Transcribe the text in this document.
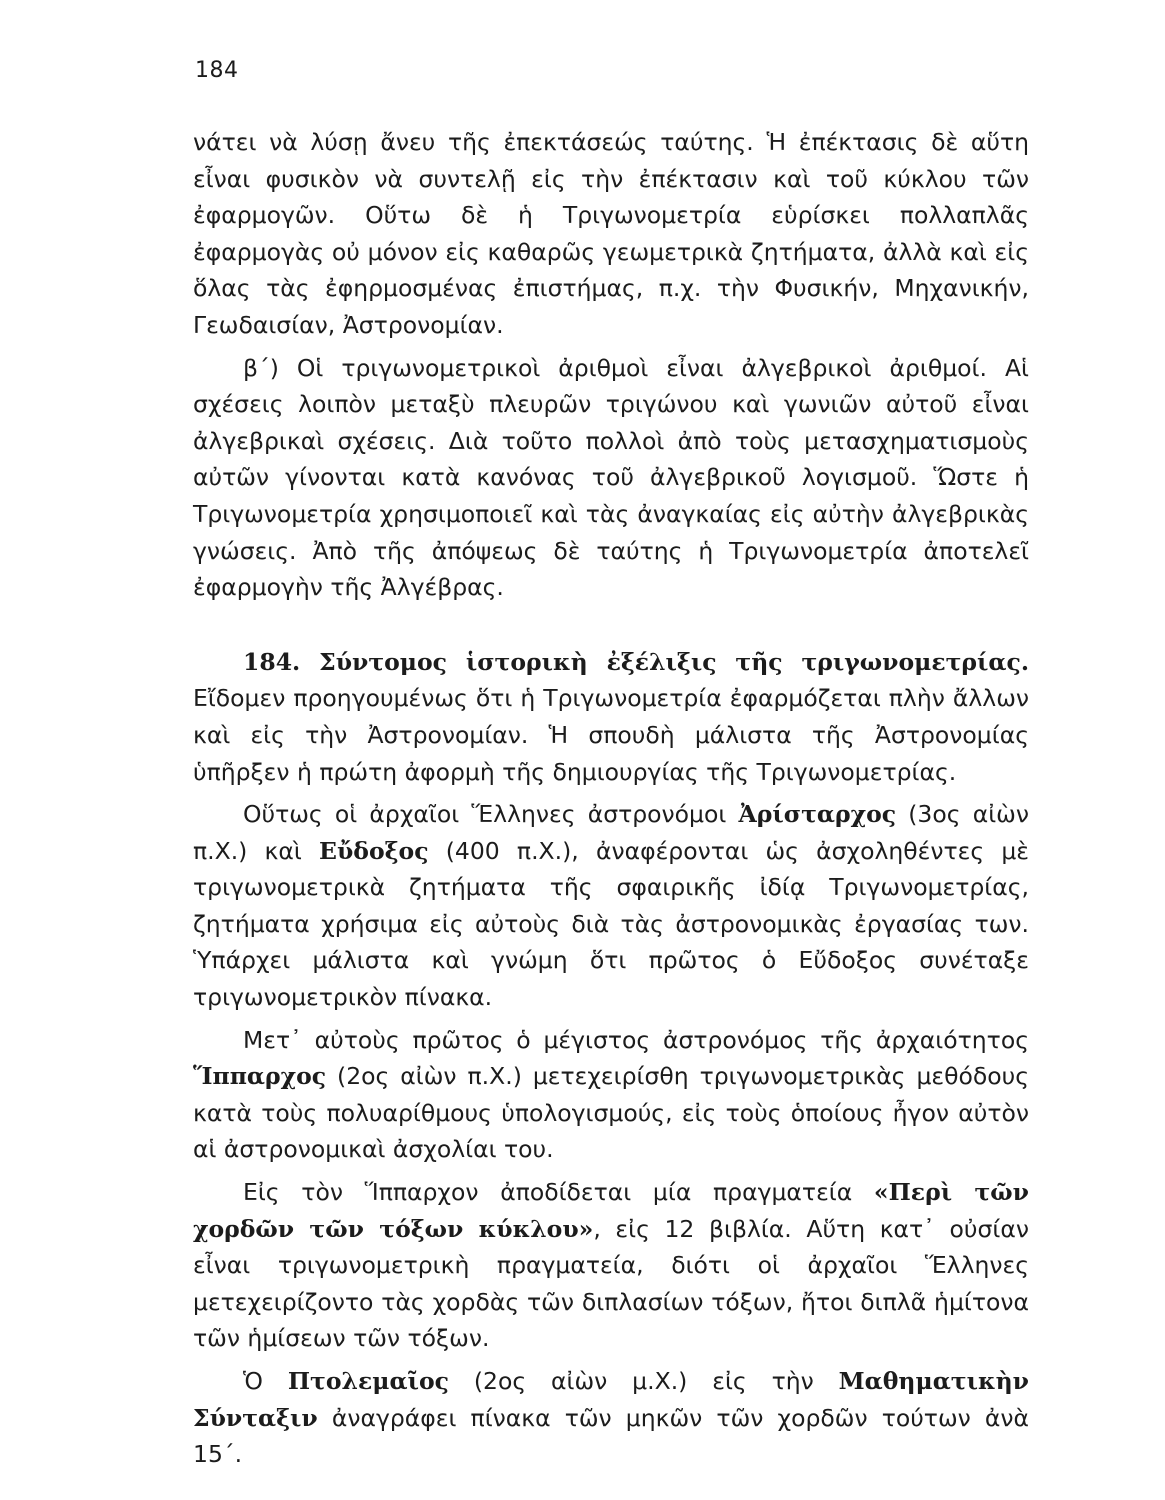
184

νάτει νὰ λύσῃ ἄνευ τῆς ἐπεκτάσεώς ταύτης. Ἡ ἐπέκτασις δὲ αὕτη εἶναι φυσικὸν νὰ συντελῇ εἰς τὴν ἐπέκτασιν καὶ τοῦ κύκλου τῶν ἐφαρμογῶν. Οὕτω δὲ ἡ Τριγωνομετρία εὑρίσκει πολλαπλᾶς ἐφαρμογὰς οὐ μόνον εἰς καθαρῶς γεωμετρικὰ ζητήματα, ἀλλὰ καὶ εἰς ὅλας τὰς ἐφηρμοσμένας ἐπιστήμας, π.χ. τὴν Φυσικήν, Μηχανικήν, Γεωδαισίαν, Ἀστρονομίαν.

β΄) Οἱ τριγωνομετρικοὶ ἀριθμοὶ εἶναι ἀλγεβρικοὶ ἀριθμοί. Αἱ σχέσεις λοιπὸν μεταξὺ πλευρῶν τριγώνου καὶ γωνιῶν αὐτοῦ εἶναι ἀλγεβρικαὶ σχέσεις. Διὰ τοῦτο πολλοὶ ἀπὸ τοὺς μετασχηματισμοὺς αὐτῶν γίνονται κατὰ κανόνας τοῦ ἀλγεβρικοῦ λογισμοῦ. Ὥστε ἡ Τριγωνομετρία χρησιμοποιεῖ καὶ τὰς ἀναγκαίας εἰς αὐτὴν ἀλγεβρικὰς γνώσεις. Ἀπὸ τῆς ἀπόψεως δὲ ταύτης ἡ Τριγωνομετρία ἀποτελεῖ ἐφαρμογὴν τῆς Ἀλγέβρας.

184. Σύντομος ἱστορικὴ ἐξέλιξις τῆς τριγωνομετρίας. Εἴδομεν προηγουμένως ὅτι ἡ Τριγωνομετρία ἐφαρμόζεται πλὴν ἄλλων καὶ εἰς τὴν Ἀστρονομίαν. Ἡ σπουδὴ μάλιστα τῆς Ἀστρονομίας ὑπῆρξεν ἡ πρώτη ἀφορμὴ τῆς δημιουργίας τῆς Τριγωνομετρίας.

Οὕτως οἱ ἀρχαῖοι Ἕλληνες ἀστρονόμοι Ἀρίσταρχος (3ος αἰὼν π.Χ.) καὶ Εὔδοξος (400 π.Χ.), ἀναφέρονται ὡς ἀσχοληθέντες μὲ τριγωνομετρικὰ ζητήματα τῆς σφαιρικῆς ἰδίᾳ Τριγωνομετρίας, ζητήματα χρήσιμα εἰς αὐτοὺς διὰ τὰς ἀστρονομικὰς ἐργασίας των. Ὑπάρχει μάλιστα καὶ γνώμη ὅτι πρῶτος ὁ Εὔδοξος συνέταξε τριγωνομετρικὸν πίνακα.

Μετ᾽ αὐτοὺς πρῶτος ὁ μέγιστος ἀστρονόμος τῆς ἀρχαιότητος Ἵππαρχος (2ος αἰὼν π.Χ.) μετεχειρίσθη τριγωνομετρικὰς μεθόδους κατὰ τοὺς πολυαρίθμους ὑπολογισμούς, εἰς τοὺς ὁποίους ἦγον αὐτὸν αἱ ἀστρονομικαὶ ἀσχολίαι του.

Εἰς τὸν Ἵππαρχον ἀποδίδεται μία πραγματεία «Περὶ τῶν χορδῶν τῶν τόξων κύκλου», εἰς 12 βιβλία. Αὕτη κατ᾽ οὐσίαν εἶναι τριγωνομετρικὴ πραγματεία, διότι οἱ ἀρχαῖοι Ἕλληνες μετεχειρίζοντο τὰς χορδὰς τῶν διπλασίων τόξων, ἤτοι διπλᾶ ἡμίτονα τῶν ἡμίσεων τῶν τόξων.

Ὁ Πτολεμαῖος (2ος αἰὼν μ.Χ.) εἰς τὴν Μαθηματικὴν Σύνταξιν ἀναγράφει πίνακα τῶν μηκῶν τῶν χορδῶν τούτων ἀνὰ 15΄.
